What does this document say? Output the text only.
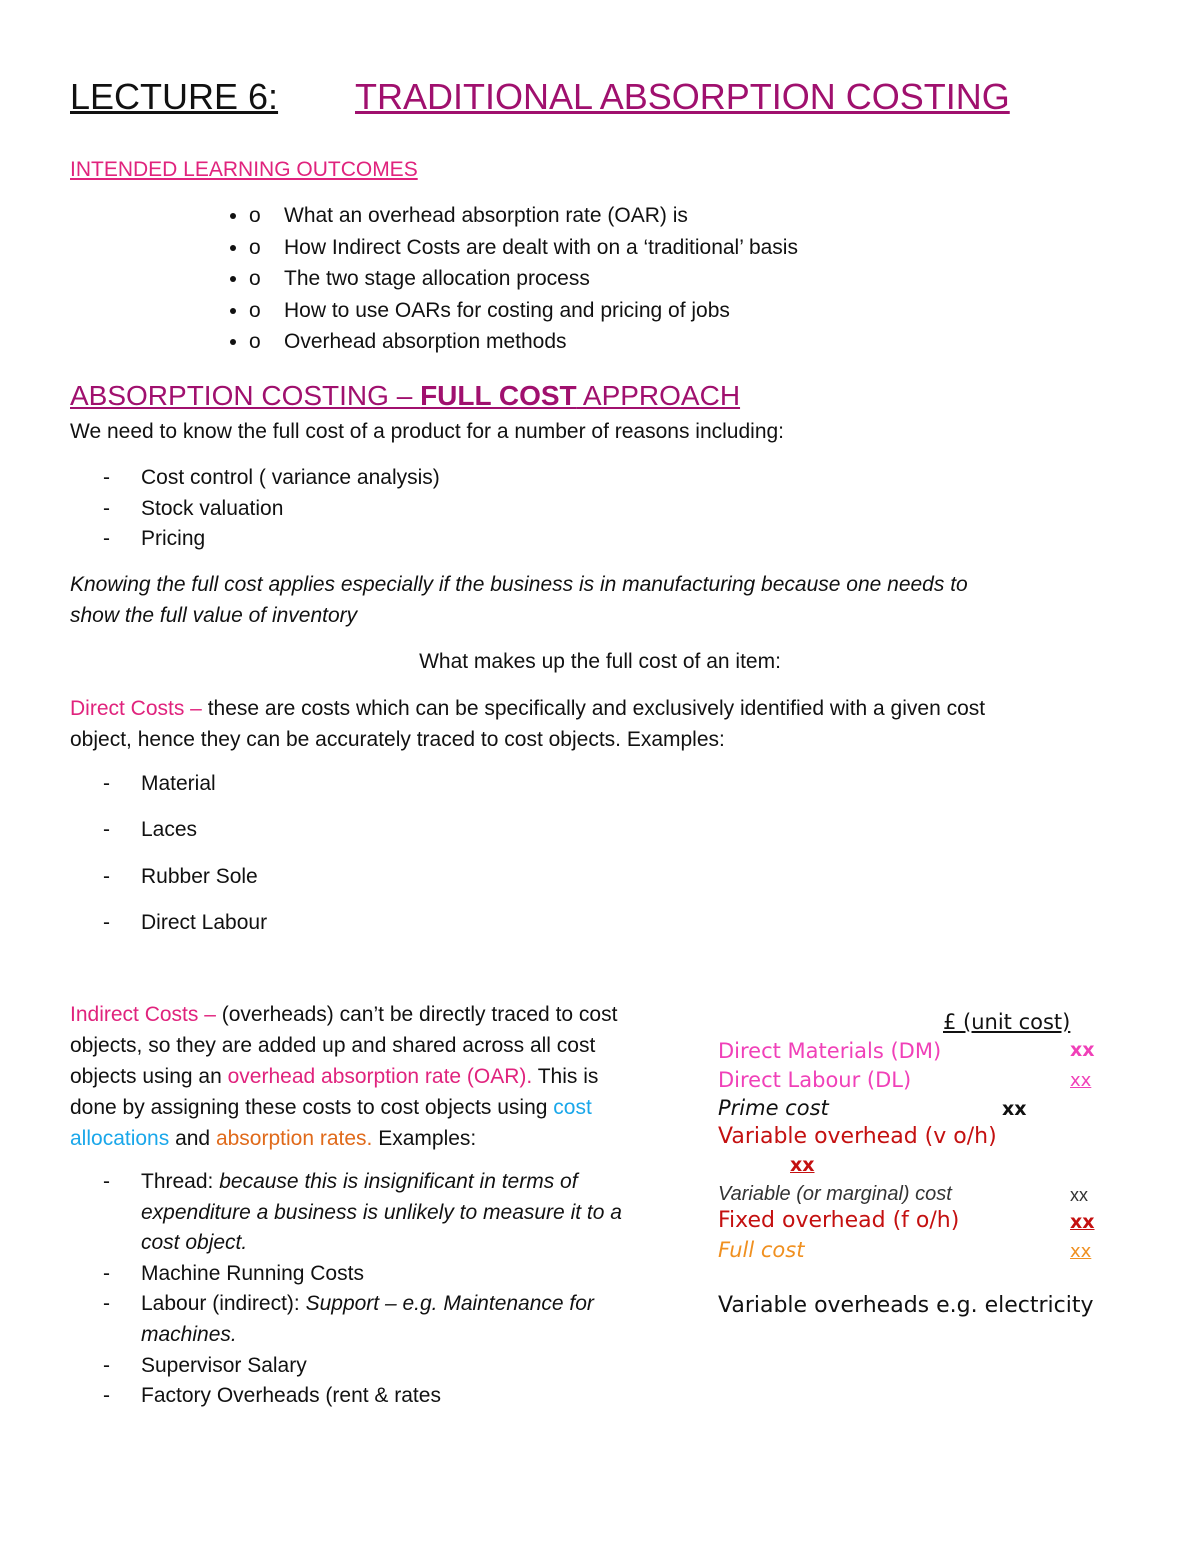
LECTURE 6: TRADITIONAL ABSORPTION COSTING
INTENDED LEARNING OUTCOMES
• o What an overhead absorption rate (OAR) is
• o How Indirect Costs are dealt with on a ‘traditional’ basis
• o The two stage allocation process
• o How to use OARs for costing and pricing of jobs
• o Overhead absorption methods
ABSORPTION COSTING – FULL COST APPROACH
We need to know the full cost of a product for a number of reasons including:
- Cost control ( variance analysis)
- Stock valuation
- Pricing
Knowing the full cost applies especially if the business is in manufacturing because one needs to
show the full value of inventory
What makes up the full cost of an item:
Direct Costs – these are costs which can be specifically and exclusively identified with a given cost
object, hence they can be accurately traced to cost objects. Examples:
- Material
- Laces
- Rubber Sole
- Direct Labour
Indirect Costs – (overheads) can’t be directly traced to cost
objects, so they are added up and shared across all cost
objects using an overhead absorption rate (OAR). This is
done by assigning these costs to cost objects using cost
allocations and absorption rates. Examples:
- Thread: because this is insignificant in terms of
expenditure a business is unlikely to measure it to a
cost object.
- Machine Running Costs
- Labour (indirect): Support – e.g. Maintenance for
machines.
- Supervisor Salary
- Factory Overheads (rent & rates
£ (unit cost)
Direct Materials (DM)	xx
Direct Labour (DL)	xx
Prime cost	xx
Variable overhead (v o/h)
xx
Variable (or marginal) cost	xx
Fixed overhead (f o/h)	xx
Full cost	xx
Variable overheads e.g. electricity
